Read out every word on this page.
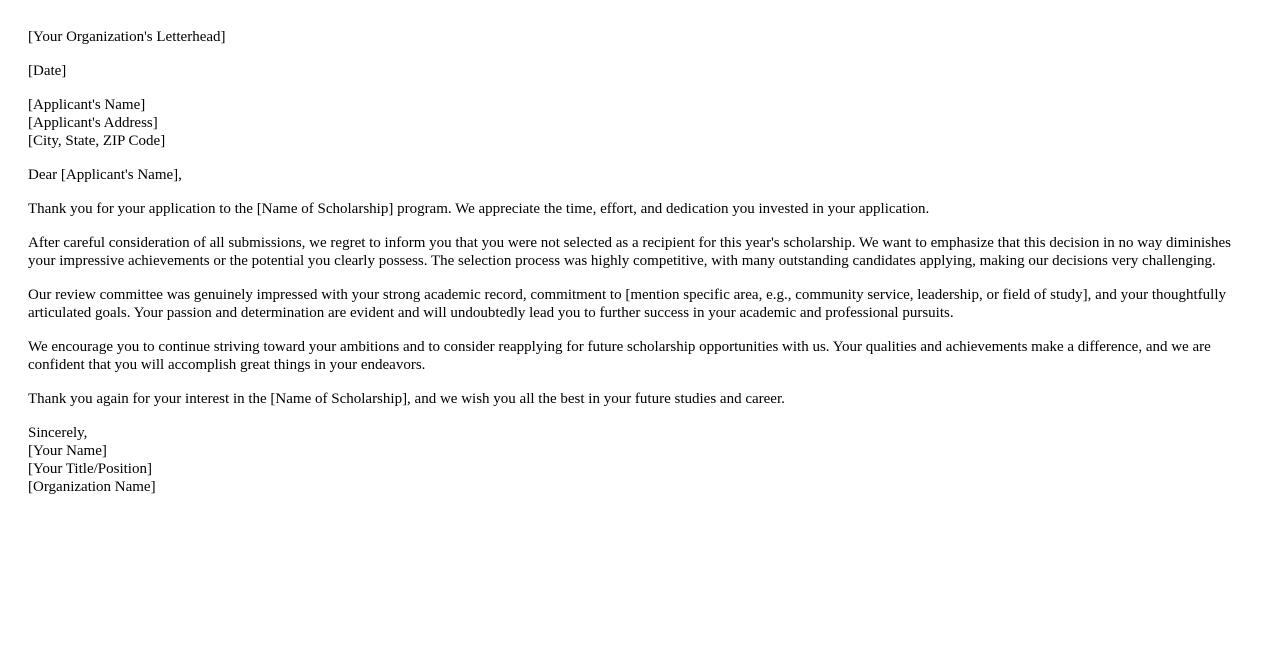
[Your Organization's Letterhead]
[Date]
[Applicant's Name]
[Applicant's Address]
[City, State, ZIP Code]
Dear [Applicant's Name],

Thank you for your application to the [Name of Scholarship] program. We appreciate the time, effort, and dedication you invested in your application.

After careful consideration of all submissions, we regret to inform you that you were not selected as a recipient for this year's scholarship. We want to emphasize that this decision in no way diminishes your impressive achievements or the potential you clearly possess. The selection process was highly competitive, with many outstanding candidates applying, making our decisions very challenging.

Our review committee was genuinely impressed with your strong academic record, commitment to [mention specific area, e.g., community service, leadership, or field of study], and your thoughtfully articulated goals. Your passion and determination are evident and will undoubtedly lead you to further success in your academic and professional pursuits.

We encourage you to continue striving toward your ambitions and to consider reapplying for future scholarship opportunities with us. Your qualities and achievements make a difference, and we are confident that you will accomplish great things in your endeavors.

Thank you again for your interest in the [Name of Scholarship], and we wish you all the best in your future studies and career.

Sincerely,
[Your Name]
[Your Title/Position]
[Organization Name]
